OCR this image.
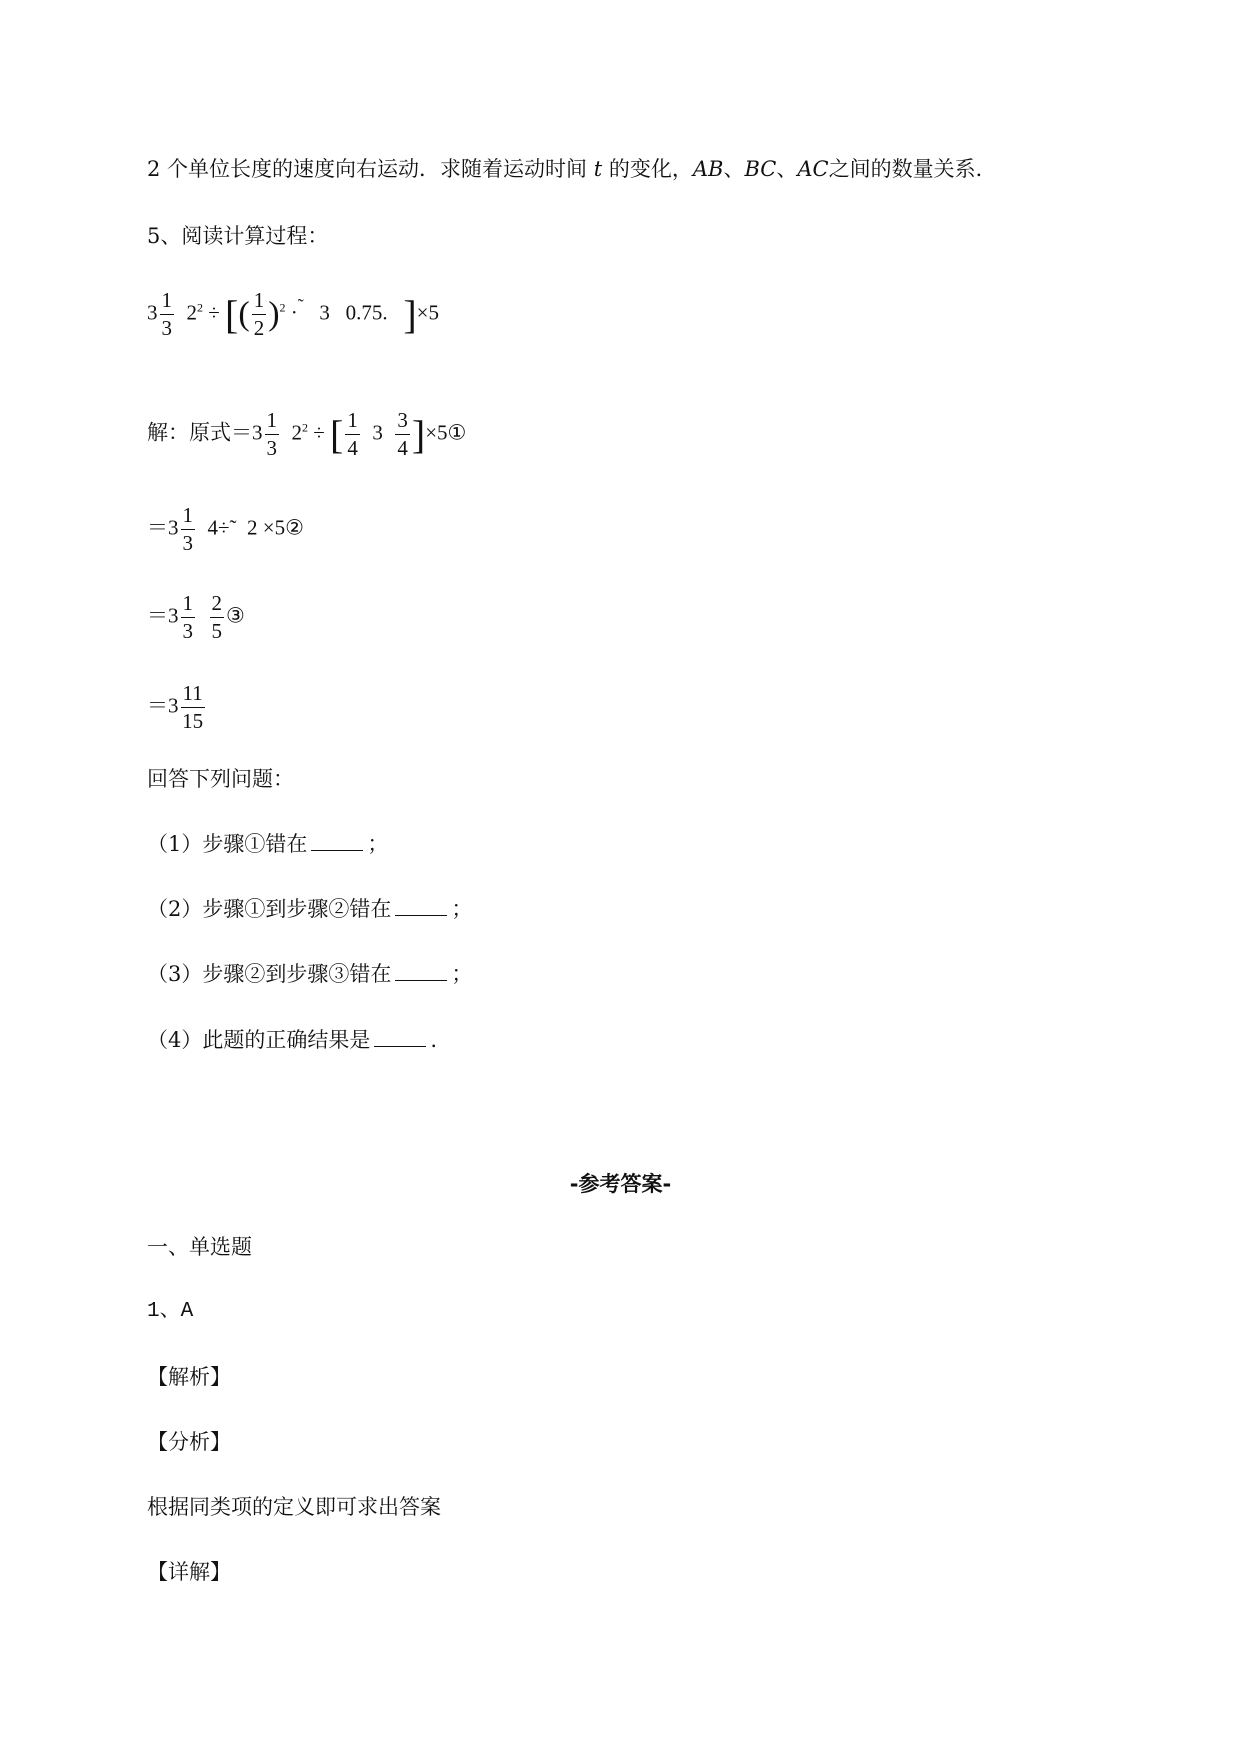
2 个单位长度的速度向右运动．求随着运动时间 t 的变化，AB、BC、AC之间的数量关系．
5、阅读计算过程：
$3 \frac{1}{3} 2^2$ ÷ [( $\frac{1}{2} )^2 \cdot^˜$ 3 0.75. ]×5
解：原式$=3 \frac{1}{3} 2^2$ ÷ [ $\frac{1}{4} 3 \frac{3}{4}$ ]×5①
$=3 \frac{1}{3}$ 4÷˜ 2 ×5②
$=3 \frac{1}{3}$
$\frac{2}{5}$ ③
$=3 \frac{11}{15}$
回答下列问题：
（1）步骤①错在	；
（2）步骤①到步骤②错在	；
（3）步骤②到步骤③错在	；
（4）此题的正确结果是	.
-参考答案-
一、单选题
1、A
【解析】
【分析】
根据同类项的定义即可求出答案
【详解】
